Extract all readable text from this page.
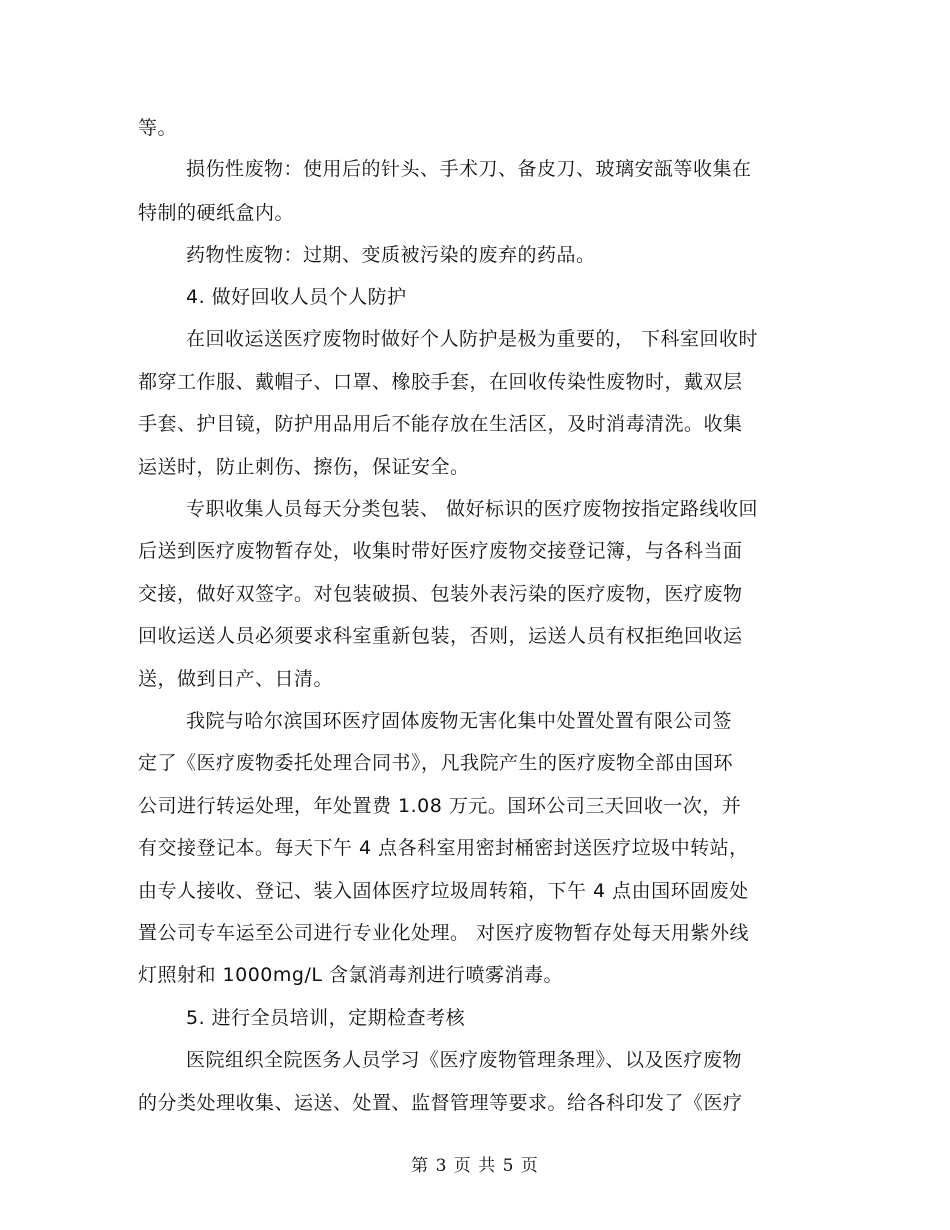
等。
损伤性废物：使用后的针头、手术刀、备皮刀、玻璃安瓿等收集在
特制的硬纸盒内。
药物性废物：过期、变质被污染的废弃的药品。
4. 做好回收人员个人防护
在回收运送医疗废物时做好个人防护是极为重要的， 下科室回收时
都穿工作服、戴帽子、口罩、橡胶手套，在回收传染性废物时，戴双层
手套、护目镜，防护用品用后不能存放在生活区，及时消毒清洗。收集
运送时，防止刺伤、擦伤，保证安全。
专职收集人员每天分类包装、 做好标识的医疗废物按指定路线收回
后送到医疗废物暂存处，收集时带好医疗废物交接登记簿，与各科当面
交接，做好双签字。对包装破损、包装外表污染的医疗废物，医疗废物
回收运送人员必须要求科室重新包装，否则，运送人员有权拒绝回收运
送，做到日产、日清。
我院与哈尔滨国环医疗固体废物无害化集中处置处置有限公司签
定了《医疗废物委托处理合同书》，凡我院产生的医疗废物全部由国环
公司进行转运处理，年处置费 1.08 万元。国环公司三天回收一次，并
有交接登记本。每天下午 4 点各科室用密封桶密封送医疗垃圾中转站，
由专人接收、登记、装入固体医疗垃圾周转箱，下午 4 点由国环固废处
置公司专车运至公司进行专业化处理。 对医疗废物暂存处每天用紫外线
灯照射和 1000mg/L 含氯消毒剂进行喷雾消毒。
5. 进行全员培训，定期检查考核
医院组织全院医务人员学习《医疗废物管理条理》、以及医疗废物
的分类处理收集、运送、处置、监督管理等要求。给各科印发了《医疗
第 3 页 共 5 页
